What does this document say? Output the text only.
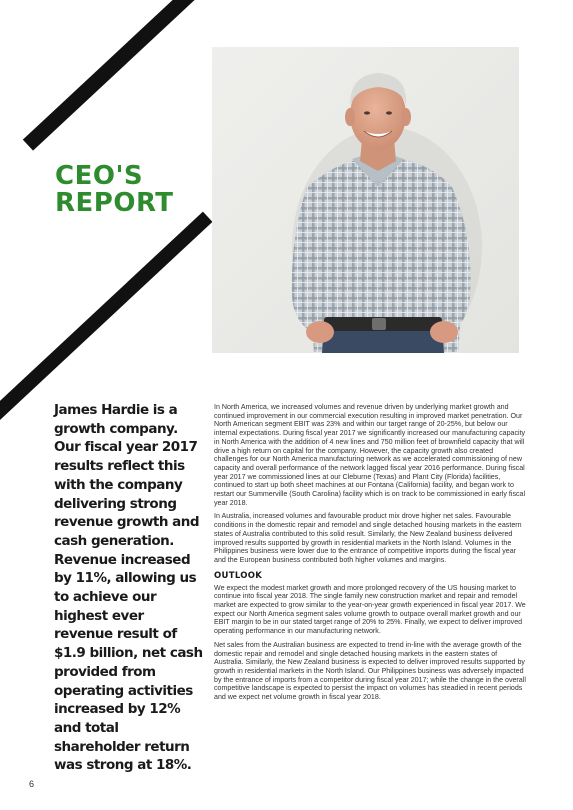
CEO'S
REPORT

James Hardie is a growth company. Our fiscal year 2017 results reflect this with the company delivering strong revenue growth and cash generation. Revenue increased by 11%, allowing us to achieve our highest ever revenue result of $1.9 billion, net cash provided from operating activities increased by 12% and total shareholder return was strong at 18%.

In North America, we increased volumes and revenue driven by underlying market growth and continued improvement in our commercial execution resulting in improved market penetration. Our North American segment EBIT was 23% and within our target range of 20-25%, but below our internal expectations. During fiscal year 2017 we significantly increased our manufacturing capacity in North America with the addition of 4 new lines and 750 million feet of brownfield capacity that will drive a high return on capital for the company. However, the capacity growth also created challenges for our North America manufacturing network as we accelerated commissioning of new capacity and overall performance of the network lagged fiscal year 2016 performance. During fiscal year 2017 we commissioned lines at our Cleburne (Texas) and Plant City (Florida) facilities, continued to start up both sheet machines at our Fontana (California) facility, and began work to restart our Summerville (South Carolina) facility which is on track to be commissioned in early fiscal year 2018.

In Australia, increased volumes and favourable product mix drove higher net sales. Favourable conditions in the domestic repair and remodel and single detached housing markets in the eastern states of Australia contributed to this solid result. Similarly, the New Zealand business delivered improved results supported by growth in residential markets in the North Island. Volumes in the Philippines business were lower due to the entrance of competitive imports during the fiscal year and the European business contributed both higher volumes and margins.

OUTLOOK

We expect the modest market growth and more prolonged recovery of the US housing market to continue into fiscal year 2018. The single family new construction market and repair and remodel market are expected to grow similar to the year-on-year growth experienced in fiscal year 2017. We expect our North America segment sales volume growth to outpace overall market growth and our EBIT margin to be in our stated target range of 20% to 25%. Finally, we expect to deliver improved operating performance in our manufacturing network.

Net sales from the Australian business are expected to trend in-line with the average growth of the domestic repair and remodel and single detached housing markets in the eastern states of Australia. Similarly, the New Zealand business is expected to deliver improved results supported by growth in residential markets in the North Island. Our Philippines business was adversely impacted by the entrance of imports from a competitor during fiscal year 2017; while the change in the overall competitive landscape is expected to persist the impact on volumes has steadied in recent periods and we expect net volume growth in fiscal year 2018.

6
